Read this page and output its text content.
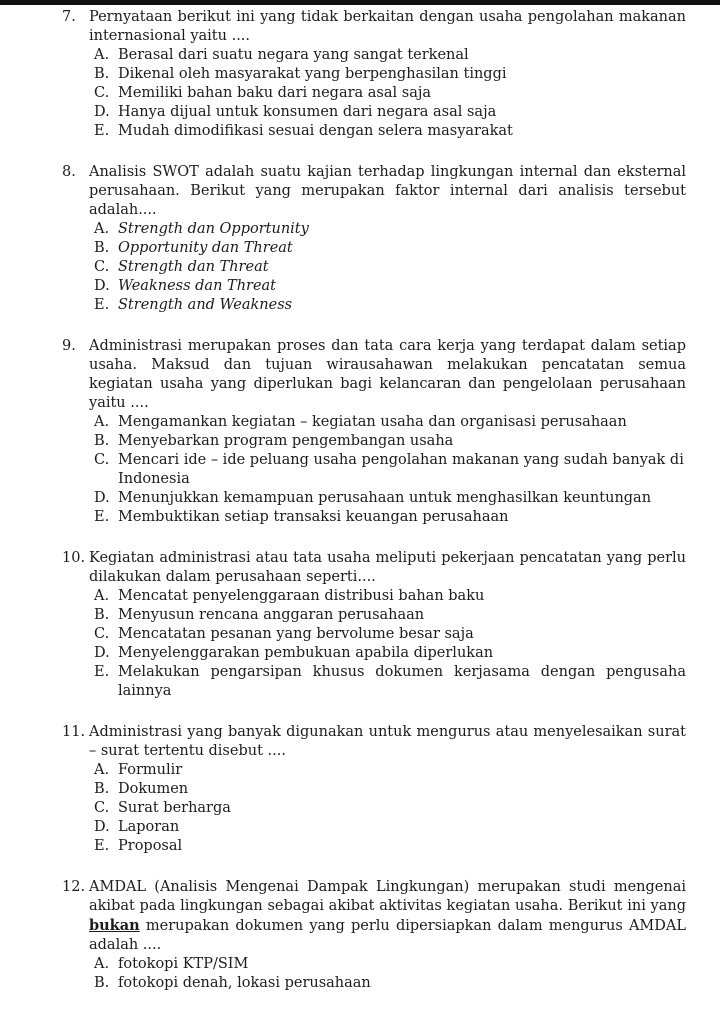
7. Pernyataan berikut ini yang tidak berkaitan dengan usaha pengolahan makanan internasional yaitu ....
A. Berasal dari suatu negara yang sangat terkenal
B. Dikenal oleh masyarakat yang berpenghasilan tinggi
C. Memiliki bahan baku dari negara asal saja
D. Hanya dijual untuk konsumen dari negara asal saja
E. Mudah dimodifikasi sesuai dengan selera masyarakat
8. Analisis SWOT adalah suatu kajian terhadap lingkungan internal dan eksternal perusahaan. Berikut yang merupakan faktor internal dari analisis tersebut adalah....
A. Strength dan Opportunity
B. Opportunity dan Threat
C. Strength dan Threat
D. Weakness dan Threat
E. Strength and Weakness
9. Administrasi merupakan proses dan tata cara kerja yang terdapat dalam setiap usaha. Maksud dan tujuan wirausahawan melakukan pencatatan semua kegiatan usaha yang diperlukan bagi kelancaran dan pengelolaan perusahaan yaitu ....
A. Mengamankan kegiatan – kegiatan usaha dan organisasi perusahaan
B. Menyebarkan program pengembangan usaha
C. Mencari ide – ide peluang usaha pengolahan makanan yang sudah banyak di Indonesia
D. Menunjukkan kemampuan perusahaan untuk menghasilkan keuntungan
E. Membuktikan setiap transaksi keuangan perusahaan
10. Kegiatan administrasi atau tata usaha meliputi pekerjaan pencatatan yang perlu dilakukan dalam perusahaan seperti....
A. Mencatat penyelenggaraan distribusi bahan baku
B. Menyusun rencana anggaran perusahaan
C. Mencatatan pesanan yang bervolume besar saja
D. Menyelenggarakan pembukuan apabila diperlukan
E. Melakukan pengarsipan khusus dokumen kerjasama dengan pengusaha lainnya
11. Administrasi yang banyak digunakan untuk mengurus atau menyelesaikan surat – surat tertentu disebut ....
A. Formulir
B. Dokumen
C. Surat berharga
D. Laporan
E. Proposal
12. AMDAL (Analisis Mengenai Dampak Lingkungan) merupakan studi mengenai akibat pada lingkungan sebagai akibat aktivitas kegiatan usaha. Berikut ini yang bukan merupakan dokumen yang perlu dipersiapkan dalam mengurus AMDAL adalah ....
A. fotokopi KTP/SIM
B. fotokopi denah, lokasi perusahaan
